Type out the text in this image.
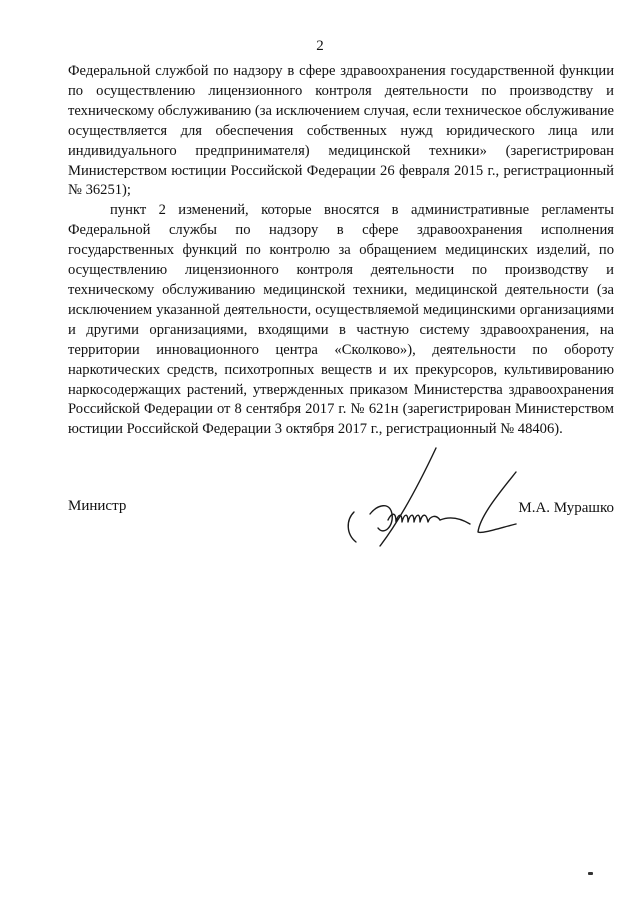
2

Федеральной службой по надзору в сфере здравоохранения государственной функции по осуществлению лицензионного контроля деятельности по производству и техническому обслуживанию (за исключением случая, если техническое обслуживание осуществляется для обеспечения собственных нужд юридического лица или индивидуального предпринимателя) медицинской техники» (зарегистрирован Министерством юстиции Российской Федерации 26 февраля 2015 г., регистрационный № 36251);

пункт 2 изменений, которые вносятся в административные регламенты Федеральной службы по надзору в сфере здравоохранения исполнения государственных функций по контролю за обращением медицинских изделий, по осуществлению лицензионного контроля деятельности по производству и техническому обслуживанию медицинской техники, медицинской деятельности (за исключением указанной деятельности, осуществляемой медицинскими организациями и другими организациями, входящими в частную систему здравоохранения, на территории инновационного центра «Сколково»), деятельности по обороту наркотических средств, психотропных веществ и их прекурсоров, культивированию наркосодержащих растений, утвержденных приказом Министерства здравоохранения Российской Федерации от 8 сентября 2017 г. № 621н (зарегистрирован Министерством юстиции Российской Федерации 3 октября 2017 г., регистрационный № 48406).

Министр	М.А. Мурашко
